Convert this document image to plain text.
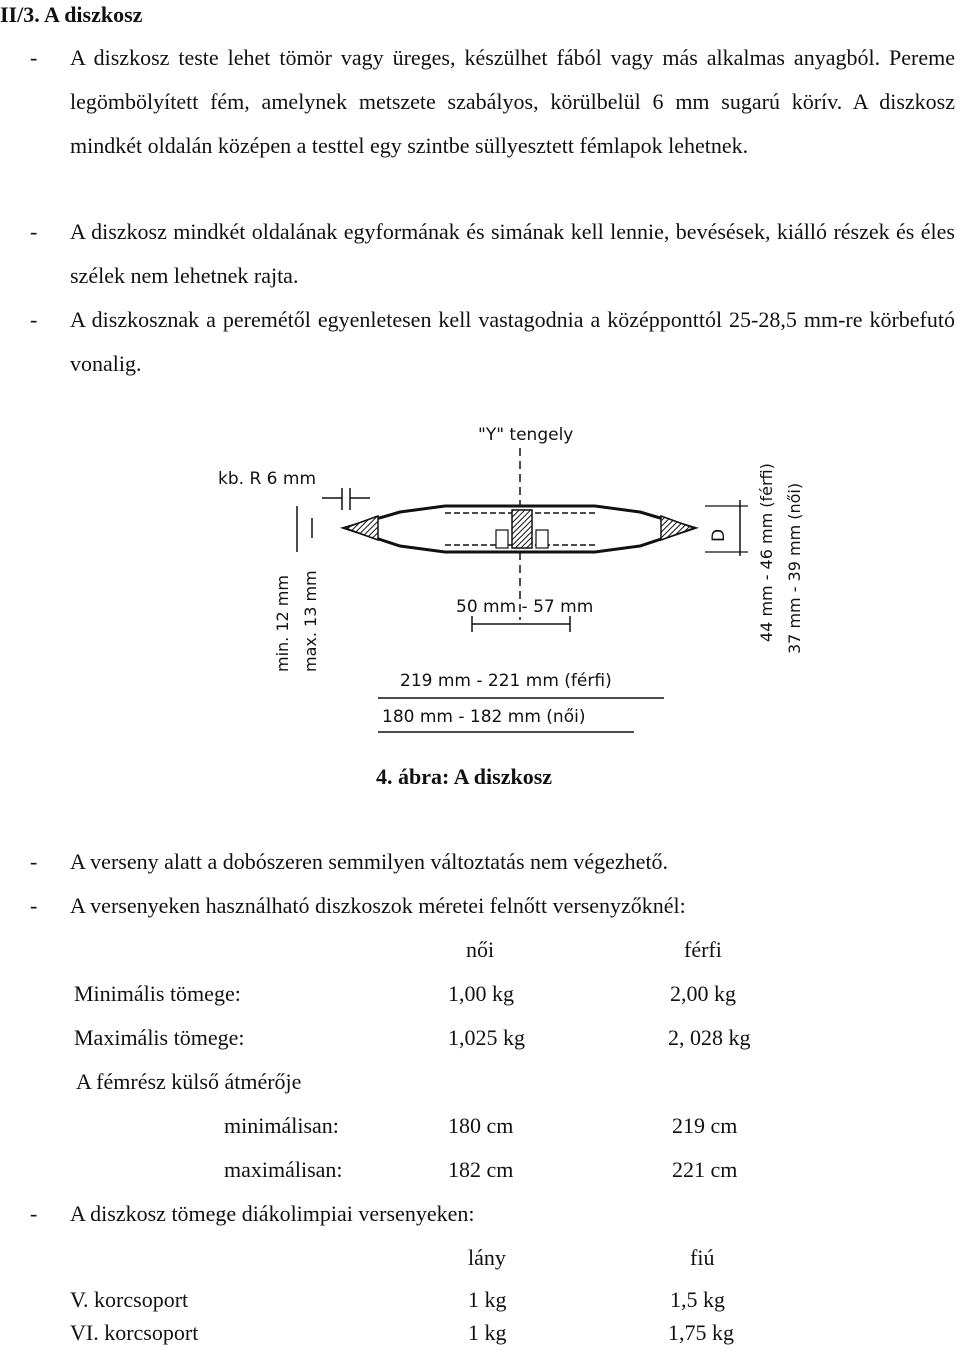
II/3. A diszkosz
- A diszkosz teste lehet tömör vagy üreges, készülhet fából vagy más alkalmas anyagból. Pereme legömbölyített fém, amelynek metszete szabályos, körülbelül 6 mm sugarú körív. A diszkosz mindkét oldalán középen a testtel egy szintbe süllyesztett fémlapok lehetnek.
- A diszkosz mindkét oldalának egyformának és simának kell lennie, bevésések, kiálló részek és éles szélek nem lehetnek rajta.
- A diszkosznak a peremétől egyenletesen kell vastagodnia a középponttól 25-28,5 mm-re körbefutó vonalig.
"Y" tengely
kb. R 6 mm
min. 12 mm max. 13 mm	50 mm - 57 mm
D 44 mm - 46 mm (férfi) 37 mm - 39 mm (női)
219 mm - 221 mm (férfi)
180 mm - 182 mm (női)
4. ábra: A diszkosz
- A verseny alatt a dobószeren semmilyen változtatás nem végezhető.
- A versenyeken használható diszkoszok méretei felnőtt versenyzőknél:
női	férfi
Minimális tömege:	1,00 kg	2,00 kg
Maximális tömege:	1,025 kg	2, 028 kg
A fémrész külső átmérője
minimálisan:	180 cm	219 cm
maximálisan:	182 cm	221 cm
- A diszkosz tömege diákolimpiai versenyeken:
lány	fiú
V. korcsoport	1 kg	1,5 kg
VI. korcsoport	1 kg	1,75 kg
